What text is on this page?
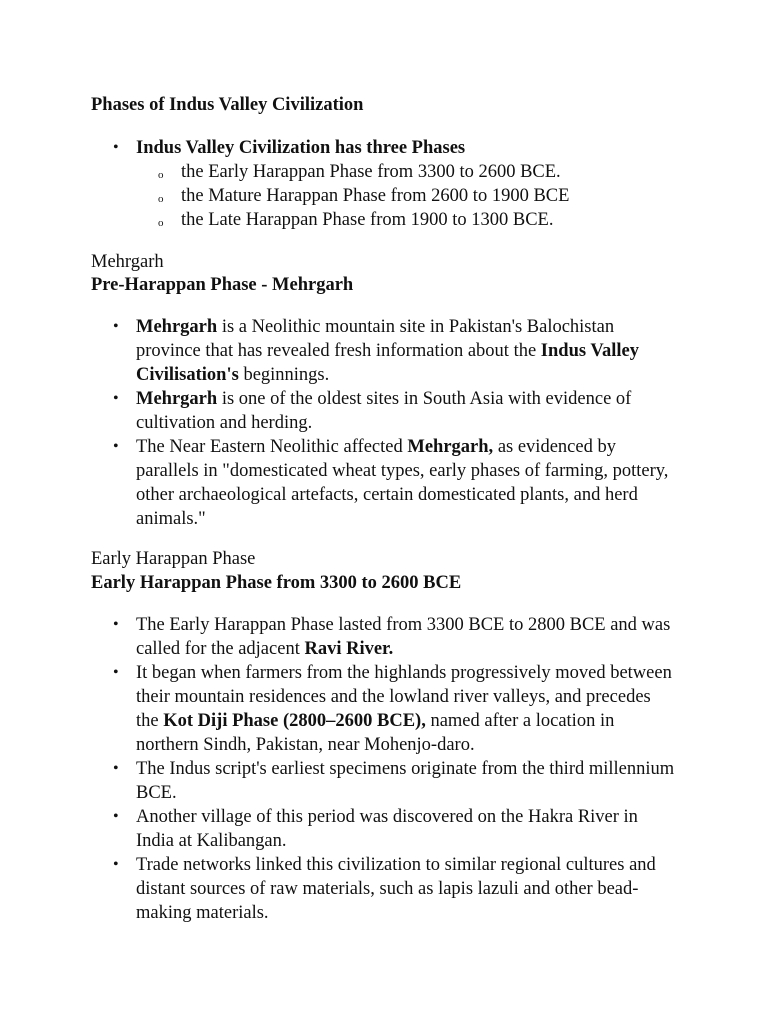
Phases of Indus Valley Civilization

• Indus Valley Civilization has three Phases
o the Early Harappan Phase from 3300 to 2600 BCE.
o the Mature Harappan Phase from 2600 to 1900 BCE
o the Late Harappan Phase from 1900 to 1300 BCE.

Mehrgarh

Pre-Harappan Phase - Mehrgarh

• Mehrgarh is a Neolithic mountain site in Pakistan's Balochistan province that has revealed fresh information about the Indus Valley Civilisation's beginnings.
• Mehrgarh is one of the oldest sites in South Asia with evidence of cultivation and herding.
• The Near Eastern Neolithic affected Mehrgarh, as evidenced by parallels in "domesticated wheat types, early phases of farming, pottery, other archaeological artefacts, certain domesticated plants, and herd animals."

Early Harappan Phase

Early Harappan Phase from 3300 to 2600 BCE

• The Early Harappan Phase lasted from 3300 BCE to 2800 BCE and was called for the adjacent Ravi River.
• It began when farmers from the highlands progressively moved between their mountain residences and the lowland river valleys, and precedes the Kot Diji Phase (2800–2600 BCE), named after a location in northern Sindh, Pakistan, near Mohenjo-daro.
• The Indus script's earliest specimens originate from the third millennium BCE.
• Another village of this period was discovered on the Hakra River in India at Kalibangan.
• Trade networks linked this civilization to similar regional cultures and distant sources of raw materials, such as lapis lazuli and other bead-making materials.
